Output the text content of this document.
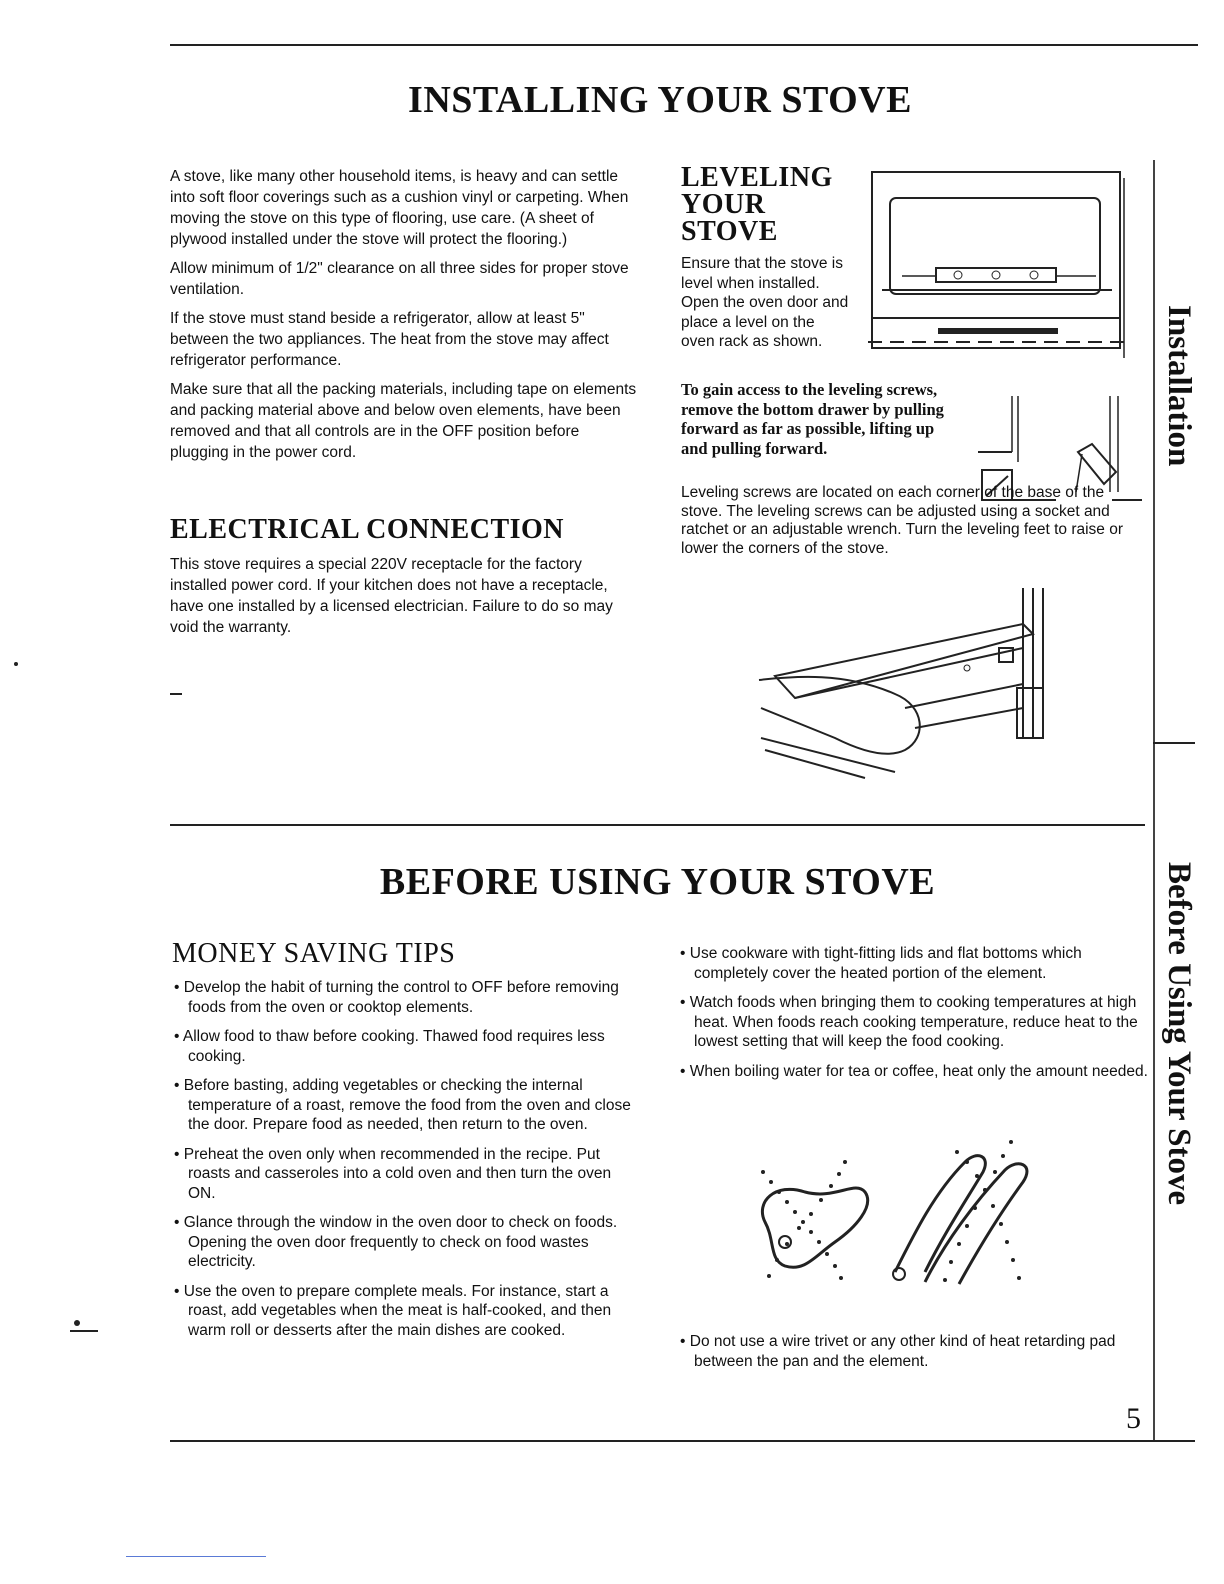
INSTALLING YOUR STOVE

A stove, like many other household items, is heavy and can settle into soft floor coverings such as a cushion vinyl or carpeting. When moving the stove on this type of flooring, use care. (A sheet of plywood installed under the stove will protect the flooring.)

Allow minimum of 1/2" clearance on all three sides for proper stove ventilation.

If the stove must stand beside a refrigerator, allow at least 5" between the two appliances. The heat from the stove may affect refrigerator performance.

Make sure that all the packing materials, including tape on elements and packing material above and below oven elements, have been removed and that all controls are in the OFF position before plugging in the power cord.

ELECTRICAL CONNECTION
This stove requires a special 220V receptacle for the factory installed power cord. If your kitchen does not have a receptacle, have one installed by a licensed electrician. Failure to do so may void the warranty.
LEVELING
YOUR
STOVE
Ensure that the stove is level when installed. Open the oven door and place a level on the oven rack as shown.
To gain access to the leveling screws, remove the bottom drawer by pulling forward as far as possible, lifting up and pulling forward.
Leveling screws are located on each corner of the base of the stove. The leveling screws can be adjusted using a socket and ratchet or an adjustable wrench. Turn the leveling feet to raise or lower the corners of the stove.
BEFORE USING YOUR STOVE
MONEY SAVING TIPS

• Develop the habit of turning the control to OFF before removing foods from the oven or cooktop elements.

• Allow food to thaw before cooking. Thawed food requires less cooking.

• Before basting, adding vegetables or checking the internal temperature of a roast, remove the food from the oven and close the door. Prepare food as needed, then return to the oven.

• Preheat the oven only when recommended in the recipe. Put roasts and casseroles into a cold oven and then turn the oven ON.

• Glance through the window in the oven door to check on foods. Opening the oven door frequently to check on food wastes electricity.

• Use the oven to prepare complete meals. For instance, start a roast, add vegetables when the meat is half-cooked, and then warm roll or desserts after the main dishes are cooked.

• Use cookware with tight-fitting lids and flat bottoms which completely cover the heated portion of the element.

• Watch foods when bringing them to cooking temperatures at high heat. When foods reach cooking temperature, reduce heat to the lowest setting that will keep the food cooking.

• When boiling water for tea or coffee, heat only the amount needed.

• Do not use a wire trivet or any other kind of heat retarding pad between the pan and the element.

Installation
Before Using Your Stove
5
